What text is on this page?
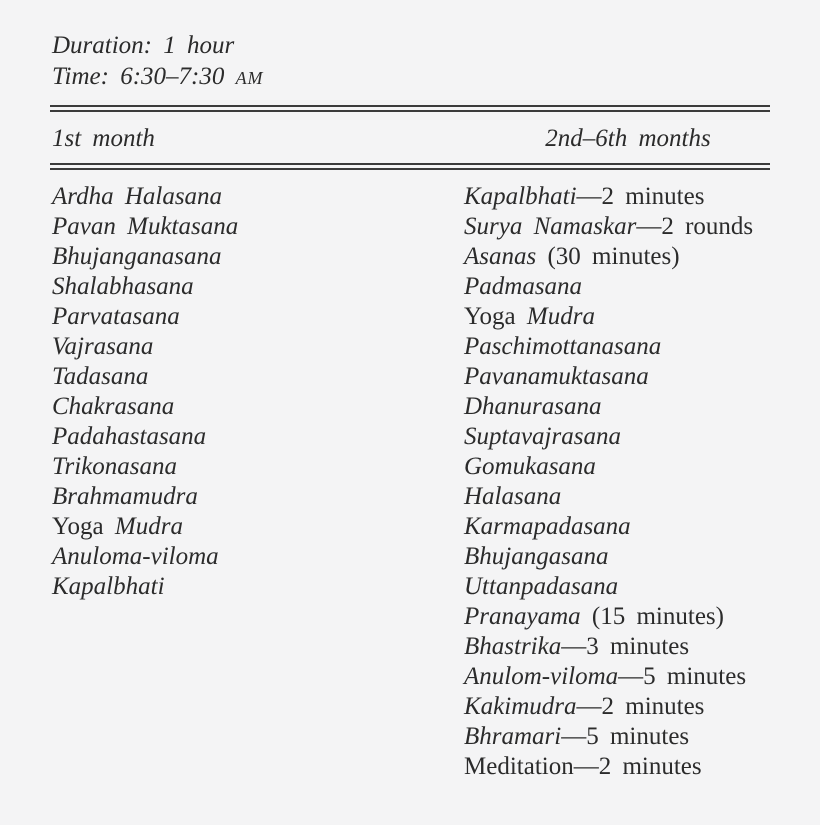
Duration: 1 hour
Time: 6:30–7:30 AM
1st month	2nd–6th months
Ardha Halasana
Pavan Muktasana
Bhujanganasana
Shalabhasana
Parvatasana
Vajrasana
Tadasana
Chakrasana
Padahastasana
Trikonasana
Brahmamudra
Yoga Mudra
Anuloma-viloma
Kapalbhati
Kapalbhati—2 minutes
Surya Namaskar—2 rounds
Asanas (30 minutes)
Padmasana
Yoga Mudra
Paschimottanasana
Pavanamuktasana
Dhanurasana
Suptavajrasana
Gomukasana
Halasana
Karmapadasana
Bhujangasana
Uttanpadasana
Pranayama (15 minutes)
Bhastrika—3 minutes
Anulom-viloma—5 minutes
Kakimudra—2 minutes
Bhramari—5 minutes
Meditation—2 minutes
